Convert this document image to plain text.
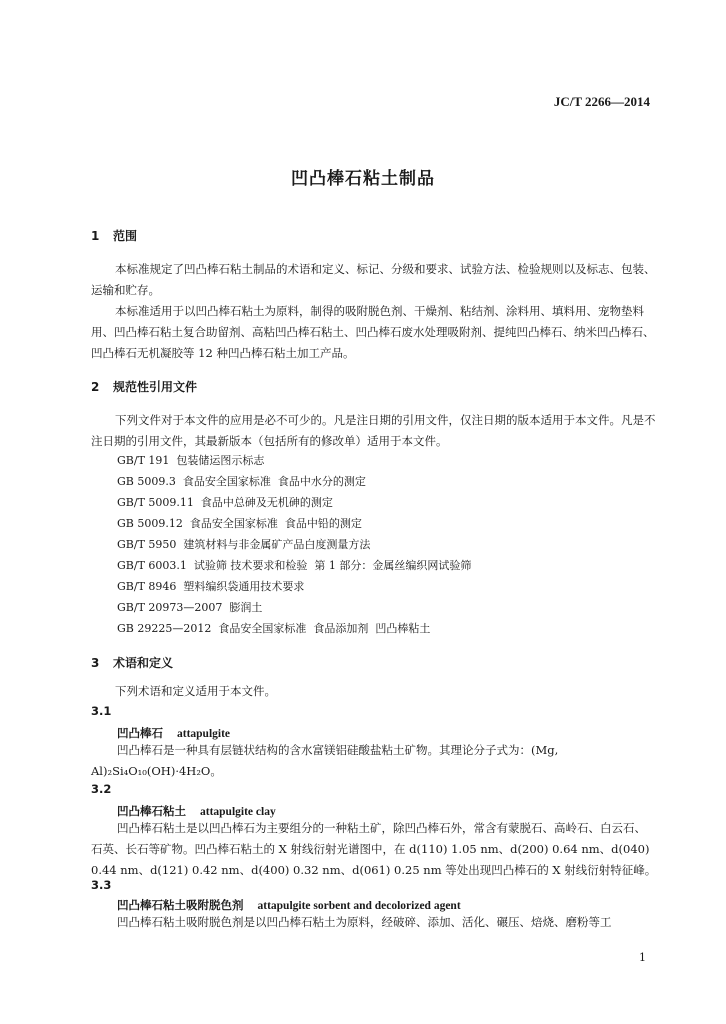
JC/T 2266—2014
凹凸棒石粘土制品
1 范围
本标准规定了凹凸棒石粘土制品的术语和定义、标记、分级和要求、试验方法、检验规则以及标志、包装、运输和贮存。
本标准适用于以凹凸棒石粘土为原料，制得的吸附脱色剂、干燥剂、粘结剂、涂料用、填料用、宠物垫料用、凹凸棒石粘土复合助留剂、高粘凹凸棒石粘土、凹凸棒石废水处理吸附剂、提纯凹凸棒石、纳米凹凸棒石、凹凸棒石无机凝胶等 12 种凹凸棒石粘土加工产品。
2 规范性引用文件
下列文件对于本文件的应用是必不可少的。凡是注日期的引用文件，仅注日期的版本适用于本文件。凡是不注日期的引用文件，其最新版本（包括所有的修改单）适用于本文件。
GB/T 191  包装储运图示标志
GB 5009.3  食品安全国家标准  食品中水分的测定
GB/T 5009.11  食品中总砷及无机砷的测定
GB 5009.12  食品安全国家标准  食品中铅的测定
GB/T 5950  建筑材料与非金属矿产品白度测量方法
GB/T 6003.1  试验筛 技术要求和检验  第 1 部分：金属丝编织网试验筛
GB/T 8946  塑料编织袋通用技术要求
GB/T 20973—2007  膨润土
GB 29225—2012  食品安全国家标准  食品添加剂  凹凸棒粘土
3 术语和定义
下列术语和定义适用于本文件。
3.1
凹凸棒石 attapulgite
凹凸棒石是一种具有层链状结构的含水富镁铝硅酸盐粘土矿物。其理论分子式为：(Mg, Al)₂Si₄O₁₀(OH)·4H₂O。
3.2
凹凸棒石粘土 attapulgite clay
凹凸棒石粘土是以凹凸棒石为主要组分的一种粘土矿，除凹凸棒石外，常含有蒙脱石、高岭石、白云石、石英、长石等矿物。凹凸棒石粘土的 X 射线衍射光谱图中，在 d(110) 1.05 nm、d(200) 0.64 nm、d(040) 0.44 nm、d(121) 0.42 nm、d(400) 0.32 nm、d(061) 0.25 nm 等处出现凹凸棒石的 X 射线衍射特征峰。
3.3
凹凸棒石粘土吸附脱色剂 attapulgite sorbent and decolorized agent
凹凸棒石粘土吸附脱色剂是以凹凸棒石粘土为原料，经破碎、添加、活化、碾压、焙烧、磨粉等工
1
